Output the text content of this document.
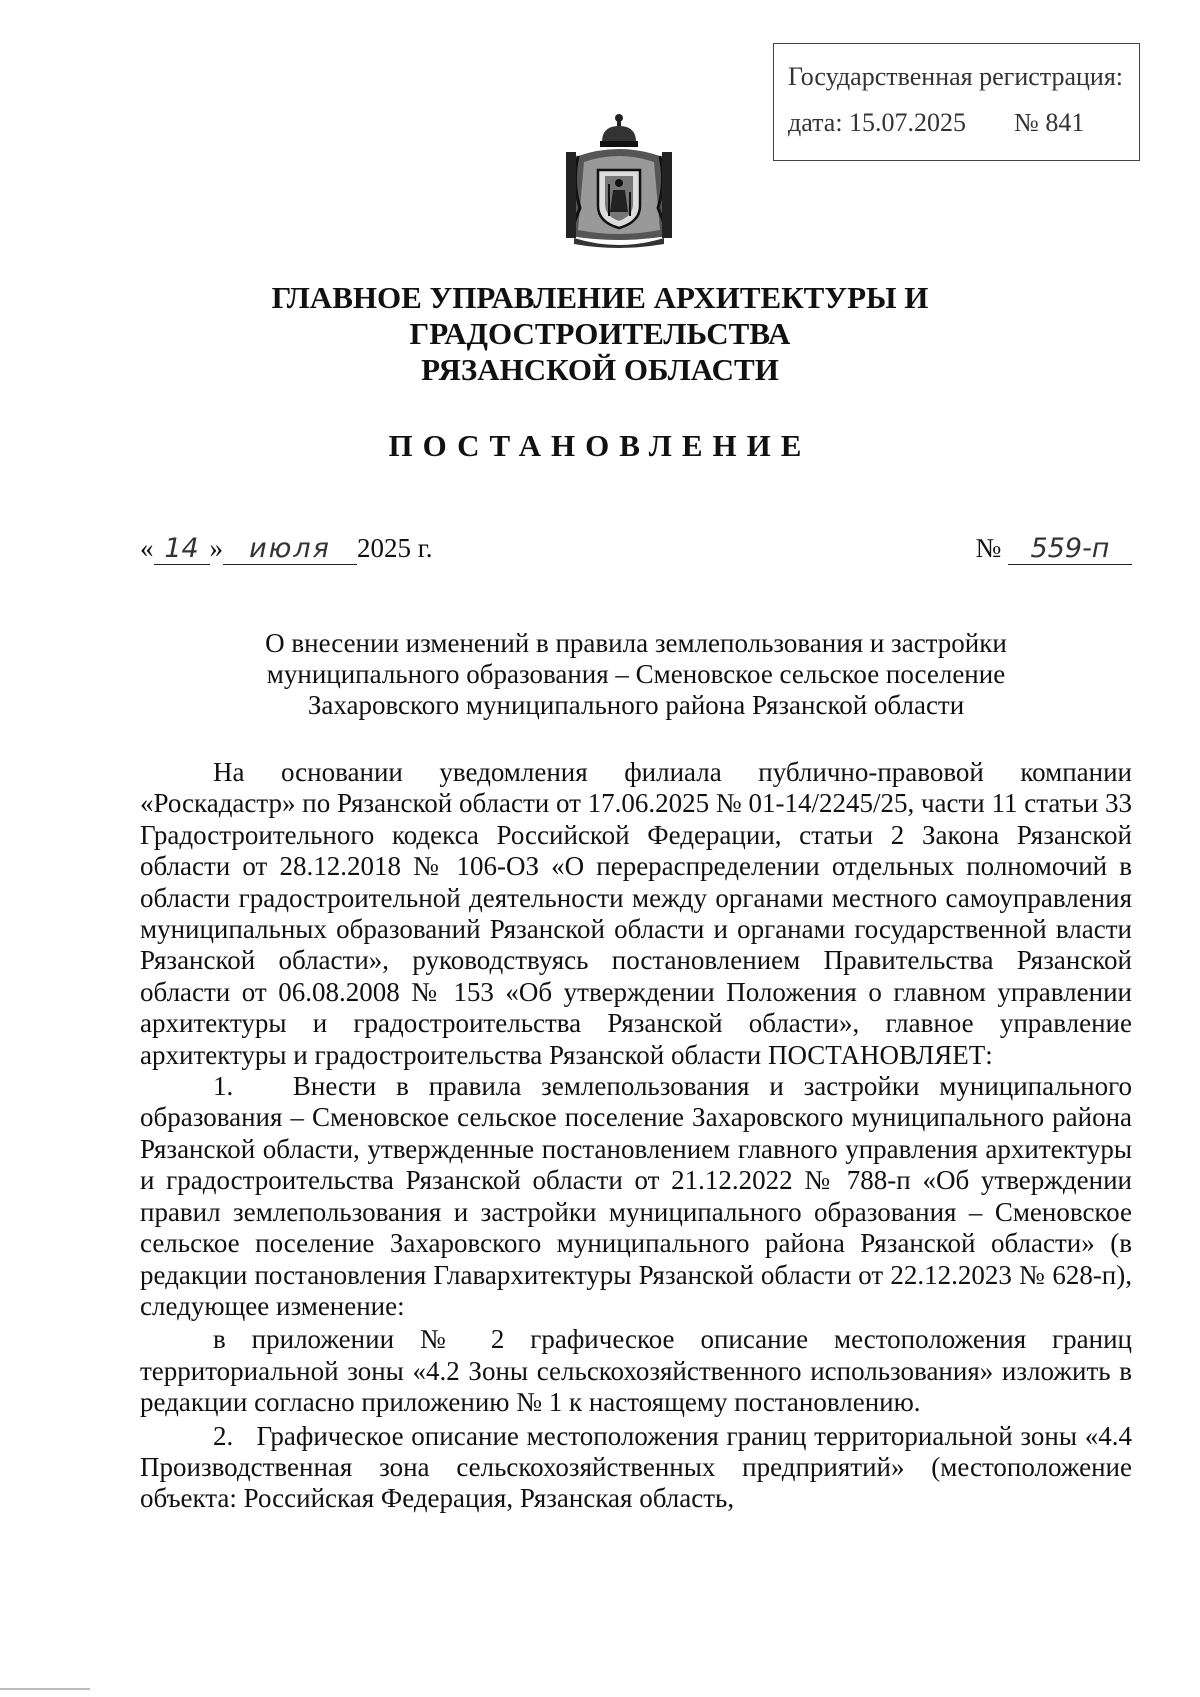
Государственная регистрация:
дата: 15.07.2025 № 841
ГЛАВНОЕ УПРАВЛЕНИЕ АРХИТЕКТУРЫ И ГРАДОСТРОИТЕЛЬСТВА
РЯЗАНСКОЙ ОБЛАСТИ
ПОСТАНОВЛЕНИЕ
« 14 » июля 2025 г.	№ 559-п
О внесении изменений в правила землепользования и застройки
муниципального образования – Сменовское сельское поселение
Захаровского муниципального района Рязанской области

На основании уведомления филиала публично-правовой компании «Роскадастр» по Рязанской области от 17.06.2025 № 01-14/2245/25, части 11 статьи 33 Градостроительного кодекса Российской Федерации, статьи 2 Закона Рязанской области от 28.12.2018 № 106-ОЗ «О перераспределении отдельных полномочий в области градостроительной деятельности между органами местного самоуправления муниципальных образований Рязанской области и органами государственной власти Рязанской области», руководствуясь постановлением Правительства Рязанской области от 06.08.2008 № 153 «Об утверждении Положения о главном управлении архитектуры и градостроительства Рязанской области», главное управление архитектуры и градостроительства Рязанской области ПОСТАНОВЛЯЕТ:

1.   Внести в правила землепользования и застройки муниципального образования – Сменовское сельское поселение Захаровского муниципального района Рязанской области, утвержденные постановлением главного управления архитектуры и градостроительства Рязанской области от 21.12.2022 № 788-п «Об утверждении правил землепользования и застройки муниципального образования – Сменовское сельское поселение Захаровского муниципального района Рязанской области» (в редакции постановления Главархитектуры Рязанской области от 22.12.2023 № 628-п), следующее изменение:

в приложении № 2 графическое описание местоположения границ территориальной зоны «4.2 Зоны сельскохозяйственного использования» изложить в редакции согласно приложению № 1 к настоящему постановлению.

2.   Графическое описание местоположения границ территориальной зоны «4.4 Производственная зона сельскохозяйственных предприятий» (местоположение объекта: Российская Федерация, Рязанская область,
